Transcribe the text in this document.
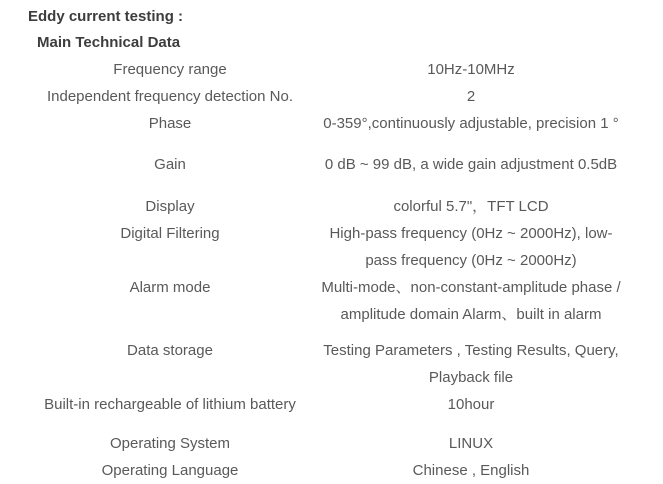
Eddy current testing :
Main Technical Data
Frequency range	10Hz-10MHz
Independent frequency detection No.	2
Phase	0-359°,continuously adjustable, precision 1 °
Gain	0 dB ~ 99 dB, a wide gain adjustment 0.5dB
Display	colorful 5.7"，TFT LCD
Digital Filtering	High-pass frequency (0Hz ~ 2000Hz), low-
pass frequency (0Hz ~ 2000Hz)
Alarm mode	Multi-mode、non-constant-amplitude phase /
amplitude domain Alarm、built in alarm
Data storage	Testing Parameters , Testing Results, Query,
Playback file
Built-in rechargeable of lithium battery	10hour
Operating System	LINUX
Operating Language	Chinese , English
